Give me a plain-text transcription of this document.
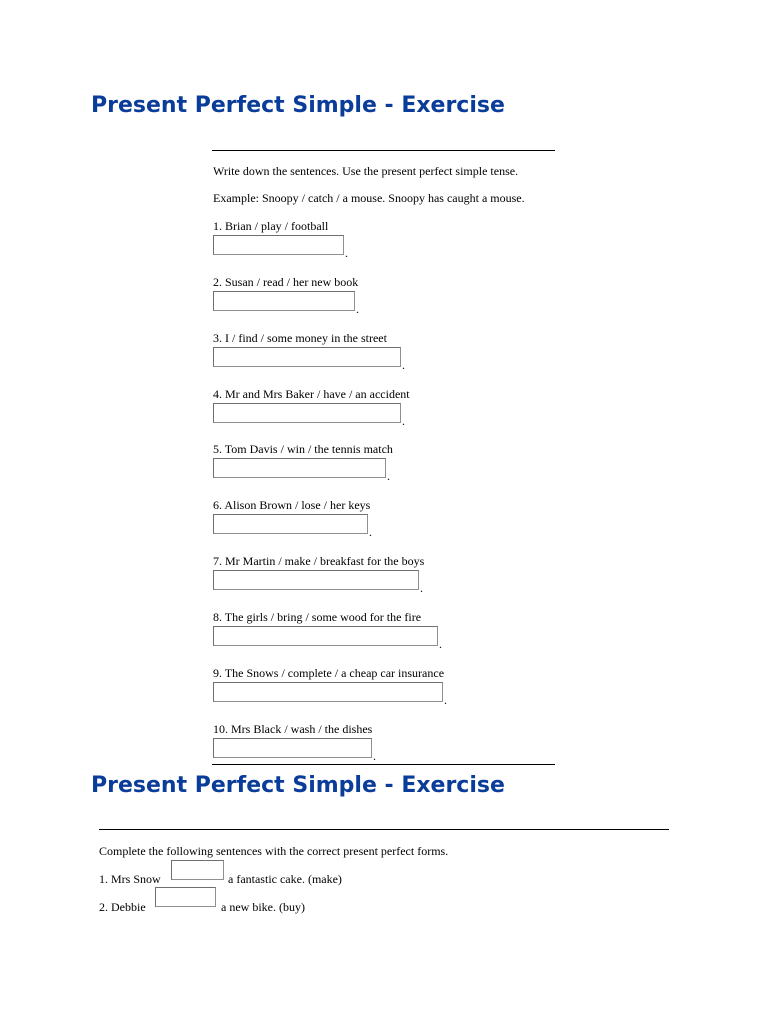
Present Perfect Simple - Exercise
Write down the sentences. Use the present perfect simple tense.
Example: Snoopy / catch / a mouse. Snoopy has caught a mouse.
1. Brian / play / football
.
2. Susan / read / her new book
.
3. I / find / some money in the street
.
4. Mr and Mrs Baker / have / an accident
.
5. Tom Davis / win / the tennis match
.
6. Alison Brown / lose / her keys
.
7. Mr Martin / make / breakfast for the boys
.
8. The girls / bring / some wood for the fire
.
9. The Snows / complete / a cheap car insurance
.
10. Mrs Black / wash / the dishes
.
Present Perfect Simple - Exercise
Complete the following sentences with the correct present perfect forms.
1. Mrs Snow	a fantastic cake. (make)
2. Debbie	a new bike. (buy)
